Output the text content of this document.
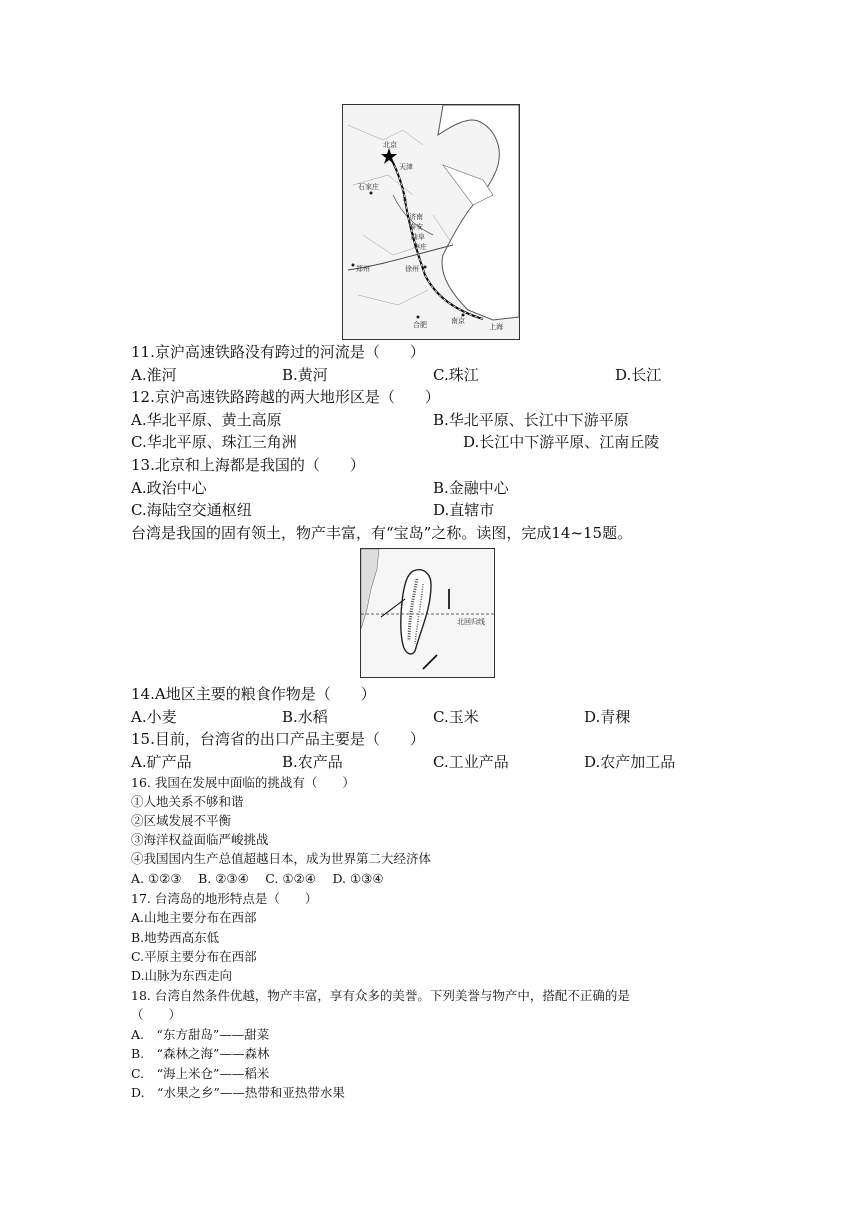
北京
天津
石家庄
济南
泰安
曲阜
枣庄
徐州
郑州
合肥	南京
上海
11.京沪高速铁路没有跨过的河流是（　　）
A.淮河	B.黄河	C.珠江	D.长江
12.京沪高速铁路跨越的两大地形区是（　　）
A.华北平原、黄土高原	B.华北平原、长江中下游平原
C.华北平原、珠江三角洲	D.长江中下游平原、江南丘陵
13.北京和上海都是我国的（　　）
A.政治中心	B.金融中心
C.海陆空交通枢纽	D.直辖市
台湾是我国的固有领土，物产丰富，有“宝岛”之称。读图，完成14~15题。
北回归线
14.A地区主要的粮食作物是（　　）
A.小麦	B.水稻	C.玉米	D.青稞
15.目前，台湾省的出口产品主要是（　　）
A.矿产品	B.农产品	C.工业产品	D.农产加工品
16. 我国在发展中面临的挑战有（　　）
①人地关系不够和谐
②区域发展不平衡
③海洋权益面临严峻挑战
④我国国内生产总值超越日本，成为世界第二大经济体
A. ①②③　 B. ②③④　 C. ①②④　 D. ①③④
17. 台湾岛的地形特点是（　　）
A.山地主要分布在西部
B.地势西高东低
C.平原主要分布在西部
D.山脉为东西走向
18. 台湾自然条件优越，物产丰富，享有众多的美誉。下列美誉与物产中，搭配不正确的是
（　　）
A.　“东方甜岛”——甜菜
B.　“森林之海”——森林
C.　“海上米仓”——稻米
D.　“水果之乡”——热带和亚热带水果
